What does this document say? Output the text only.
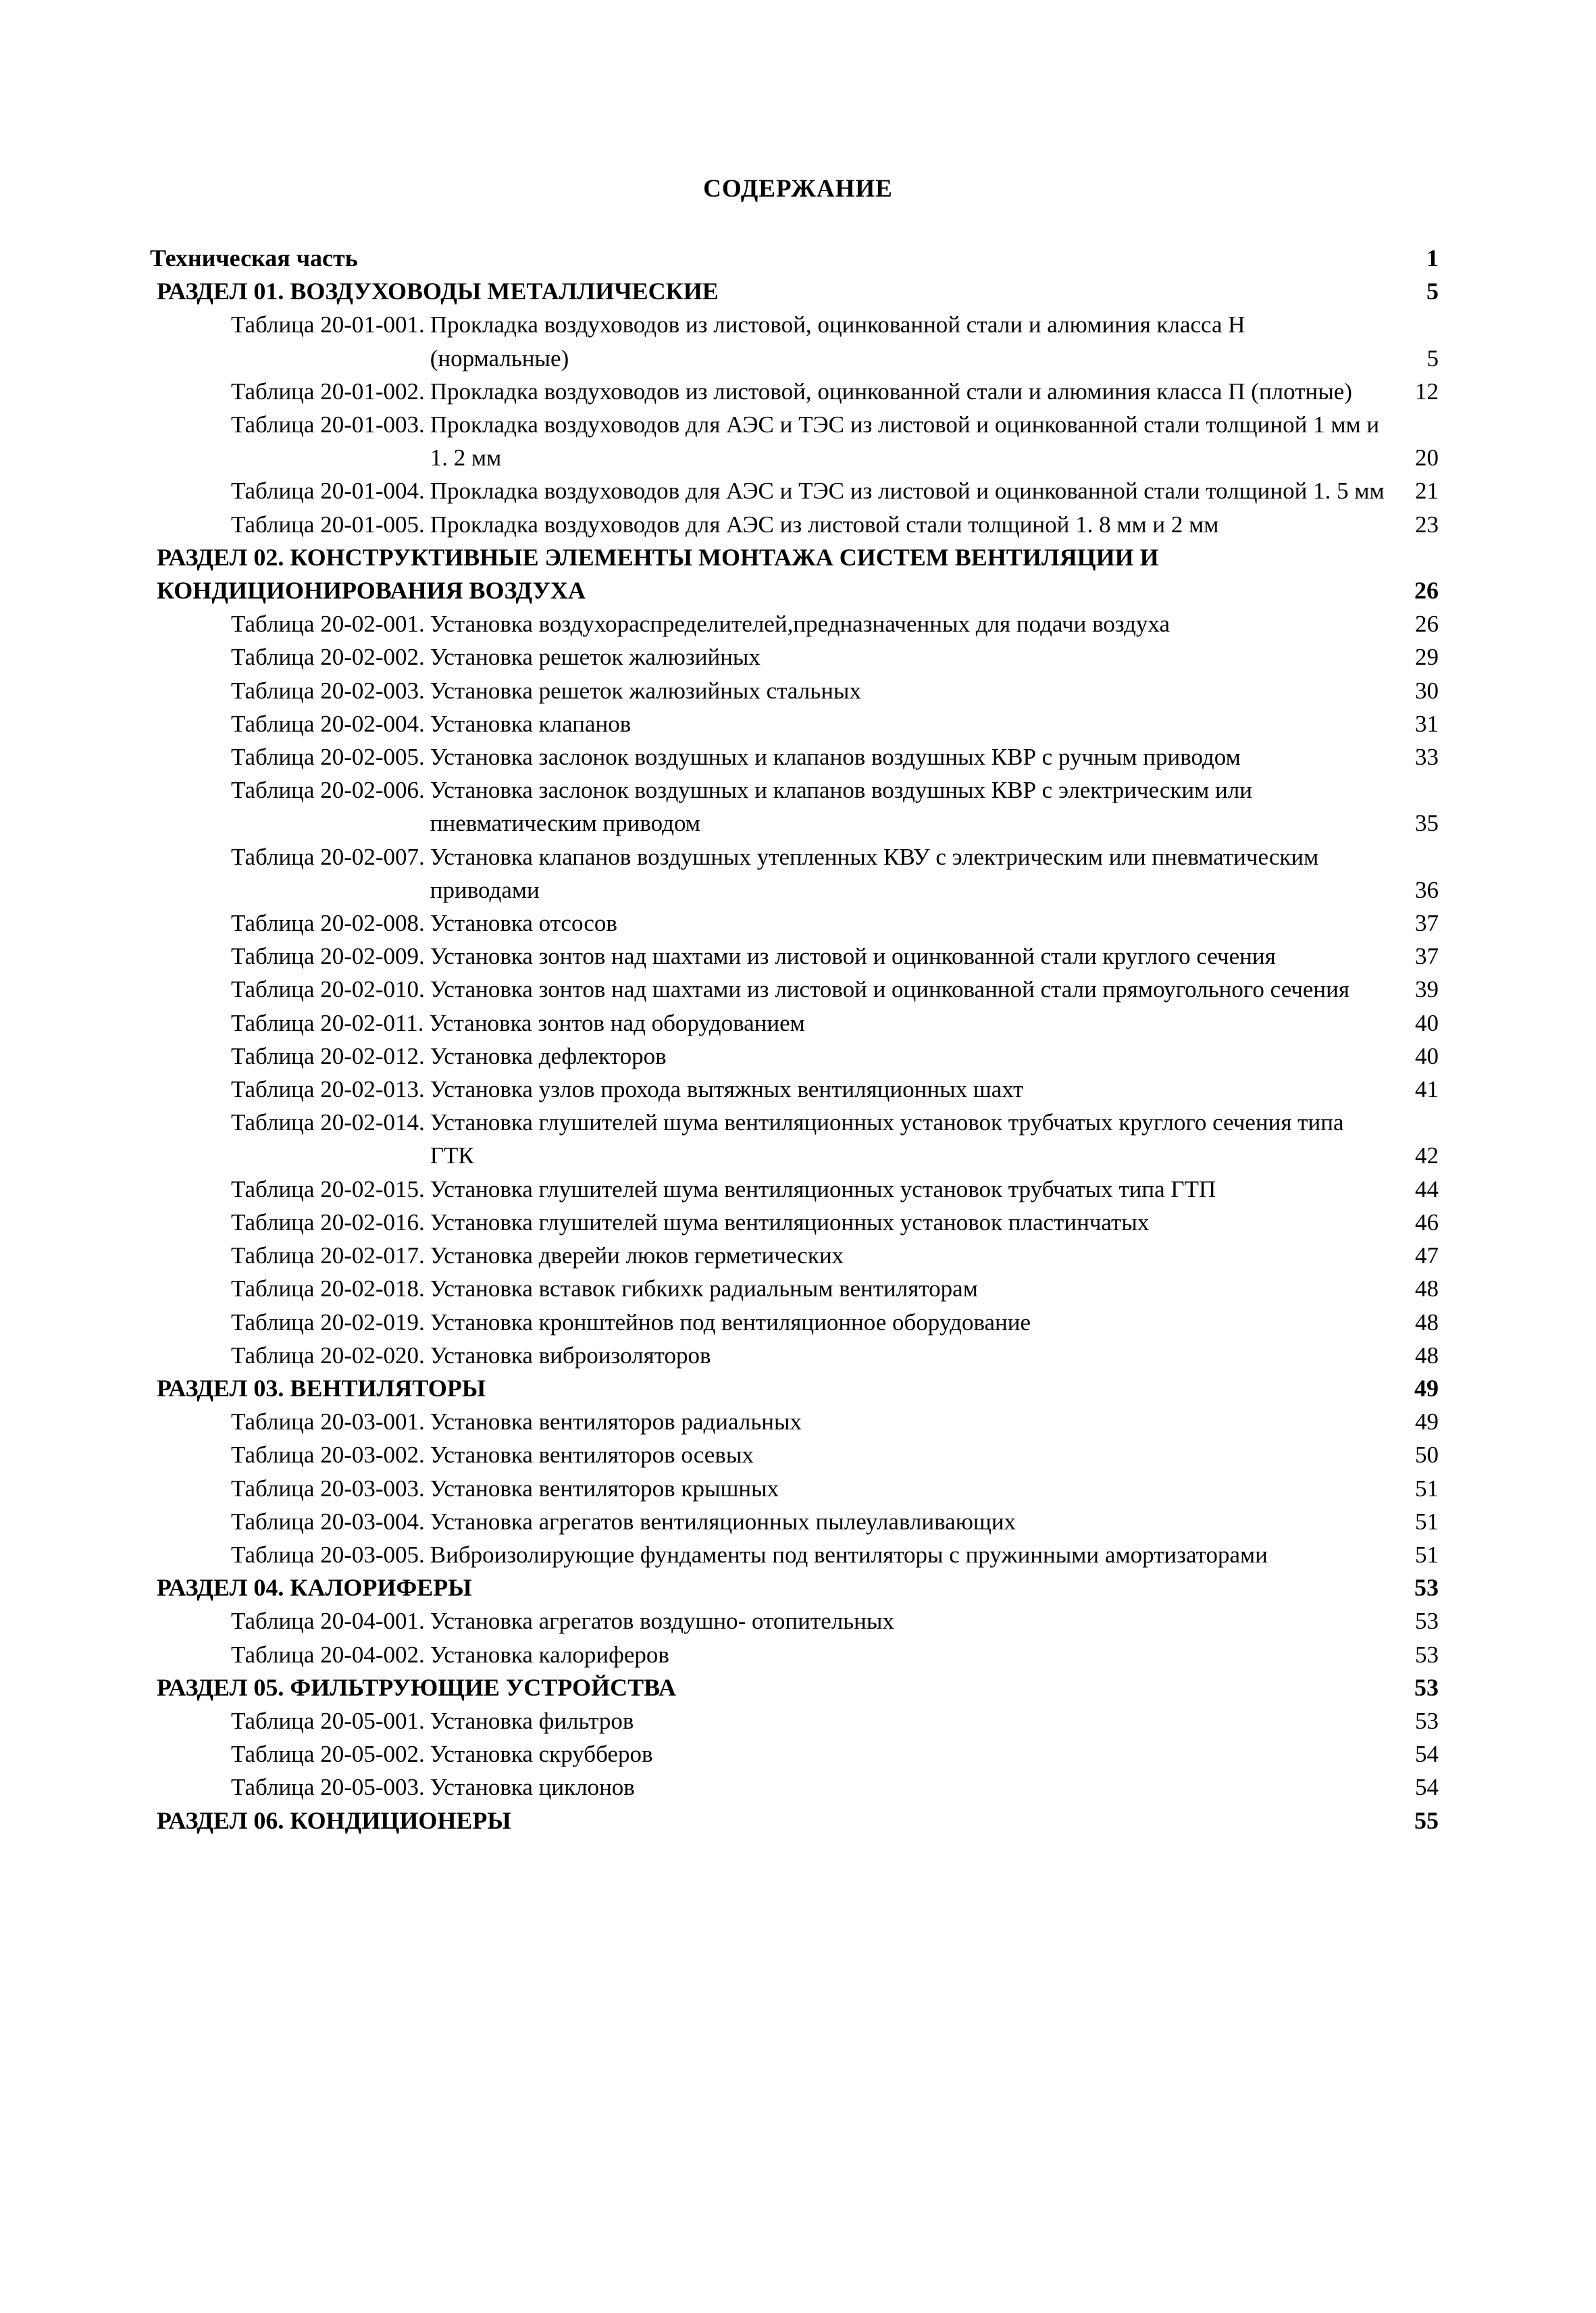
СОДЕРЖАНИЕ
Техническая часть	1
РАЗДЕЛ 01. ВОЗДУХОВОДЫ МЕТАЛЛИЧЕСКИЕ	5
Таблица 20-01-001. Прокладка воздуховодов из листовой, оцинкованной стали и алюминия класса Н (нормальные)	5
Таблица 20-01-002. Прокладка воздуховодов из листовой, оцинкованной стали и алюминия класса П (плотные)	12
Таблица 20-01-003. Прокладка воздуховодов для АЭС и ТЭС из листовой и оцинкованной стали толщиной 1 мм и 1. 2 мм	20
Таблица 20-01-004. Прокладка воздуховодов для АЭС и ТЭС из листовой и оцинкованной стали толщиной 1. 5 мм	21
Таблица 20-01-005. Прокладка воздуховодов для АЭС из листовой стали толщиной 1. 8 мм и 2 мм	23
РАЗДЕЛ 02. КОНСТРУКТИВНЫЕ ЭЛЕМЕНТЫ МОНТАЖА СИСТЕМ ВЕНТИЛЯЦИИ И КОНДИЦИОНИРОВАНИЯ ВОЗДУХА	26
Таблица 20-02-001. Установка воздухораспределителей,предназначенных для подачи воздуха	26
Таблица 20-02-002. Установка решеток жалюзийных	29
Таблица 20-02-003. Установка решеток жалюзийных стальных	30
Таблица 20-02-004. Установка клапанов	31
Таблица 20-02-005. Установка заслонок воздушных и клапанов воздушных КВР с ручным приводом	33
Таблица 20-02-006. Установка заслонок воздушных и клапанов воздушных КВР с электрическим или пневматическим приводом	35
Таблица 20-02-007. Установка клапанов воздушных утепленных КВУ с электрическим или пневматическим приводами	36
Таблица 20-02-008. Установка отсосов	37
Таблица 20-02-009. Установка зонтов над шахтами из листовой и оцинкованной стали круглого сечения	37
Таблица 20-02-010. Установка зонтов над шахтами из листовой и оцинкованной стали прямоугольного сечения	39
Таблица 20-02-011. Установка зонтов над оборудованием	40
Таблица 20-02-012. Установка дефлекторов	40
Таблица 20-02-013. Установка узлов прохода вытяжных вентиляционных шахт	41
Таблица 20-02-014. Установка глушителей шума вентиляционных установок трубчатых круглого сечения типа ГТК	42
Таблица 20-02-015. Установка глушителей шума вентиляционных установок трубчатых типа ГТП	44
Таблица 20-02-016. Установка глушителей шума вентиляционных установок пластинчатых	46
Таблица 20-02-017. Установка дверейи люков герметических	47
Таблица 20-02-018. Установка вставок гибкихк радиальным вентиляторам	48
Таблица 20-02-019. Установка кронштейнов под вентиляционное оборудование	48
Таблица 20-02-020. Установка виброизоляторов	48
РАЗДЕЛ 03. ВЕНТИЛЯТОРЫ	49
Таблица 20-03-001. Установка вентиляторов радиальных	49
Таблица 20-03-002. Установка вентиляторов осевых	50
Таблица 20-03-003. Установка вентиляторов крышных	51
Таблица 20-03-004. Установка агрегатов вентиляционных пылеулавливающих	51
Таблица 20-03-005. Виброизолирующие фундаменты под вентиляторы с пружинными амортизаторами	51
РАЗДЕЛ 04. КАЛОРИФЕРЫ	53
Таблица 20-04-001. Установка агрегатов воздушно- отопительных	53
Таблица 20-04-002. Установка калориферов	53
РАЗДЕЛ 05. ФИЛЬТРУЮЩИЕ УСТРОЙСТВА	53
Таблица 20-05-001. Установка фильтров	53
Таблица 20-05-002. Установка скрубберов	54
Таблица 20-05-003. Установка циклонов	54
РАЗДЕЛ 06. КОНДИЦИОНЕРЫ	55
